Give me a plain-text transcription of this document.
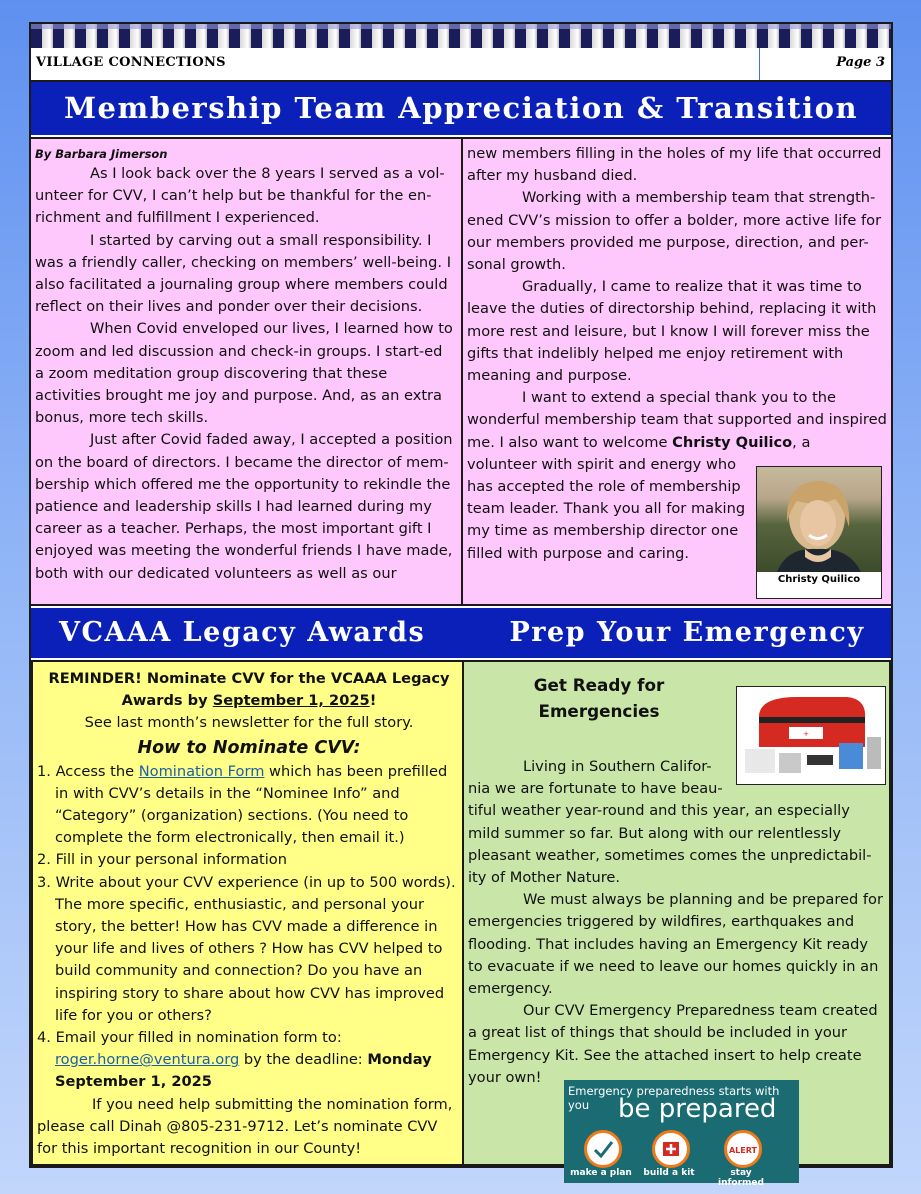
VILLAGE CONNECTIONS	Page 3
Membership Team Appreciation & Transition

By Barbara Jimerson

As I look back over the 8 years I served as a vol-unteer for CVV, I can’t help but be thankful for the en-richment and fulfillment I experienced.

I started by carving out a small responsibility. I was a friendly caller, checking on members’ well-being. I also facilitated a journaling group where members could reflect on their lives and ponder over their decisions.

When Covid enveloped our lives, I learned how to zoom and led discussion and check-in groups. I start-ed a zoom meditation group discovering that these activities brought me joy and purpose. And, as an extra bonus, more tech skills.

Just after Covid faded away, I accepted a position on the board of directors. I became the director of mem-bership which offered me the opportunity to rekindle the patience and leadership skills I had learned during my career as a teacher. Perhaps, the most important gift I enjoyed was meeting the wonderful friends I have made, both with our dedicated volunteers as well as our

new members filling in the holes of my life that occurred after my husband died.

Working with a membership team that strength-ened CVV’s mission to offer a bolder, more active life for our members provided me purpose, direction, and per-sonal growth.

Gradually, I came to realize that it was time to leave the duties of directorship behind, replacing it with more rest and leisure, but I know I will forever miss the gifts that indelibly helped me enjoy retirement with meaning and purpose.

I want to extend a special thank you to the wonderful membership team that supported and inspired me. I also want to welcome Christy Quilico, a

volunteer with spirit and energy who

has accepted the role of membership

team leader. Thank you all for making

my time as membership director one

filled with purpose and caring.

Christy Quilico
VCAAA Legacy Awards	Prep Your Emergency

REMINDER! Nominate CVV for the VCAAA Legacy
Awards by September 1, 2025!

See last month’s newsletter for the full story.

How to Nominate CVV:

1. Access the Nomination Form which has been prefilled in with CVV’s details in the “Nominee Info” and “Category” (organization) sections. (You need to complete the form electronically, then email it.)

2. Fill in your personal information

3. Write about your CVV experience (in up to 500 words). The more specific, enthusiastic, and personal your story, the better! How has CVV made a difference in your life and lives of others ? How has CVV helped to build community and connection? Do you have an inspiring story to share about how CVV has improved life for you or others?

4. Email your filled in nomination form to: roger.horne@ventura.org by the deadline: Monday September 1, 2025

If you need help submitting the nomination form, please call Dinah @805-231-9712. Let’s nominate CVV for this important recognition in our County!

Get Ready for
Emergencies

Living in Southern Califor-

nia we are fortunate to have beau-

tiful weather year-round and this year, an especially mild summer so far. But along with our relentlessly pleasant weather, sometimes comes the unpredictabil-ity of Mother Nature.

We must always be planning and be prepared for emergencies triggered by wildfires, earthquakes and flooding. That includes having an Emergency Kit ready to evacuate if we need to leave our homes quickly in an emergency.

Our CVV Emergency Preparedness team created a great list of things that should be included in your Emergency Kit. See the attached insert to help create

your own!

+
Emergency preparedness starts with you	be prepared
ALERT
make a plan	build a kit	stay informed
